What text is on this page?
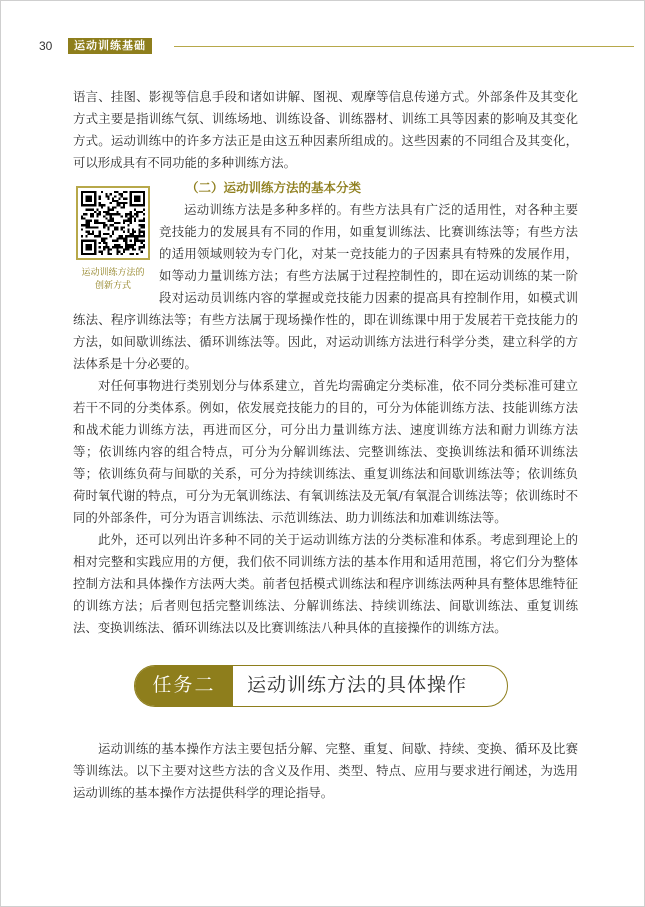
30	运动训练基础

语言、挂图、影视等信息手段和诸如讲解、图视、观摩等信息传递方式。外部条件及其变化方式主要是指训练气氛、训练场地、训练设备、训练器材、训练工具等因素的影响及其变化方式。运动训练中的许多方法正是由这五种因素所组成的。这些因素的不同组合及其变化，可以形成具有不同功能的多种训练方法。

运动训练方法的
创新方式
（二）运动训练方法的基本分类

运动训练方法是多种多样的。有些方法具有广泛的适用性，对各种主要竞技能力的发展具有不同的作用，如重复训练法、比赛训练法等；有些方法的适用领域则较为专门化，对某一竞技能力的子因素具有特殊的发展作用，如等动力量训练方法；有些方法属于过程控制性的，即在运动训练的某一阶段对运动员训练内容的掌握或竞技能力因素的提高具有控制作用，如模式训练法、程序训练法等；有些方法属于现场操作性的，即在训练课中用于发展若干竞技能力的方法，如间歇训练法、循环训练法等。因此，对运动训练方法进行科学分类，建立科学的方法体系是十分必要的。

对任何事物进行类别划分与体系建立，首先均需确定分类标准，依不同分类标准可建立若干不同的分类体系。例如，依发展竞技能力的目的，可分为体能训练方法、技能训练方法和战术能力训练方法，再进而区分，可分出力量训练方法、速度训练方法和耐力训练方法等；依训练内容的组合特点，可分为分解训练法、完整训练法、变换训练法和循环训练法等；依训练负荷与间歇的关系，可分为持续训练法、重复训练法和间歇训练法等；依训练负荷时氧代谢的特点，可分为无氧训练法、有氧训练法及无氧/有氧混合训练法等；依训练时不同的外部条件，可分为语言训练法、示范训练法、助力训练法和加难训练法等。

此外，还可以列出许多种不同的关于运动训练方法的分类标准和体系。考虑到理论上的相对完整和实践应用的方便，我们依不同训练方法的基本作用和适用范围，将它们分为整体控制方法和具体操作方法两大类。前者包括模式训练法和程序训练法两种具有整体思维特征的训练方法；后者则包括完整训练法、分解训练法、持续训练法、间歇训练法、重复训练法、变换训练法、循环训练法以及比赛训练法八种具体的直接操作的训练方法。

任务二	运动训练方法的具体操作

运动训练的基本操作方法主要包括分解、完整、重复、间歇、持续、变换、循环及比赛等训练法。以下主要对这些方法的含义及作用、类型、特点、应用与要求进行阐述，为选用运动训练的基本操作方法提供科学的理论指导。
